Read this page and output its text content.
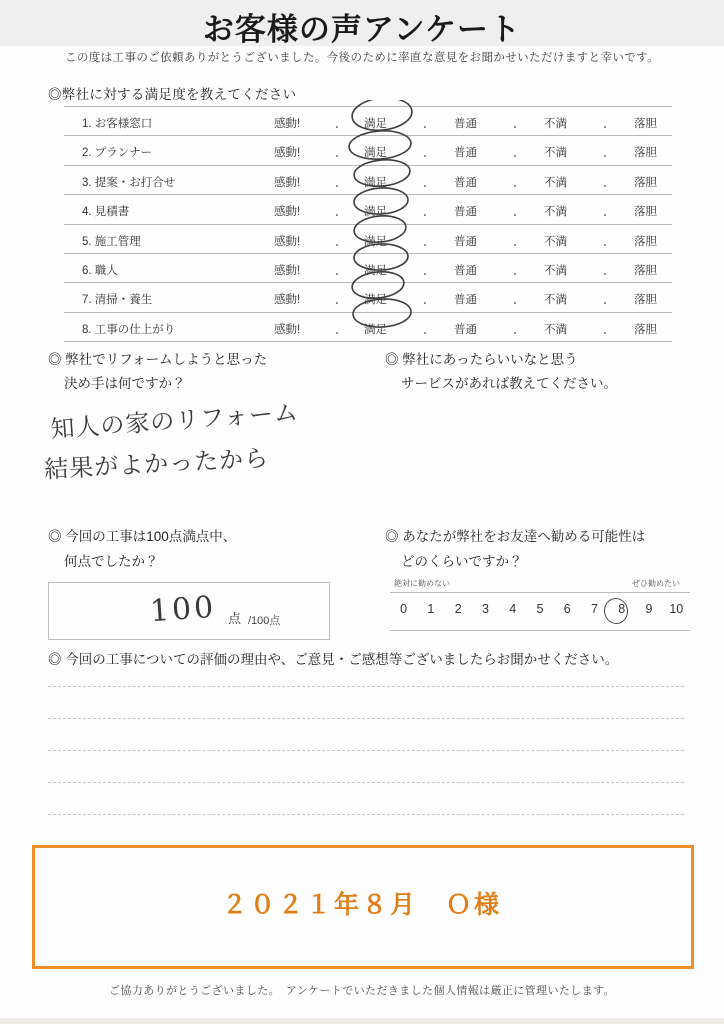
お客様の声アンケート
この度は工事のご依頼ありがとうございました。今後のために率直な意見をお聞かせいただけますと幸いです。
◎弊社に対する満足度を教えてください
1. お客様窓口	感動!	・ 満足	・ 普通	・ 不満	・ 落胆
2. プランナー	感動!	・ 満足	・ 普通	・ 不満	・ 落胆
3. 提案・お打合せ	感動!	・ 満足	・ 普通	・ 不満	・ 落胆
4. 見積書	感動!	・ 満足	・ 普通	・ 不満	・ 落胆
5. 施工管理	感動!	・ 満足	・ 普通	・ 不満	・ 落胆
6. 職人	感動!	・ 満足	・ 普通	・ 不満	・ 落胆
7. 清掃・養生	感動!	・ 満足	・ 普通	・ 不満	・ 落胆
8. 工事の仕上がり	感動!	・ 満足	・ 普通	・ 不満	・ 落胆
◎ 弊社でリフォームしようと思った
決め手は何ですか？
◎ 弊社にあったらいいなと思う
サービスがあれば教えてください。
知人の家のリフォーム
結果がよかったから
◎ 今回の工事は100点満点中、
何点でしたか？
◎ あなたが弊社をお友達へ勧める可能性は
どのくらいですか？
100 点 /100点
絶対に勧めない	ぜひ勧めたい
0	1	2	3	4	5	6	7	8	9	10
◎ 今回の工事についての評価の理由や、ご意見・ご感想等ございましたらお聞かせください。
２０２１年８月　Ｏ様
ご協力ありがとうございました。　アンケートでいただきました個人情報は厳正に管理いたします。
